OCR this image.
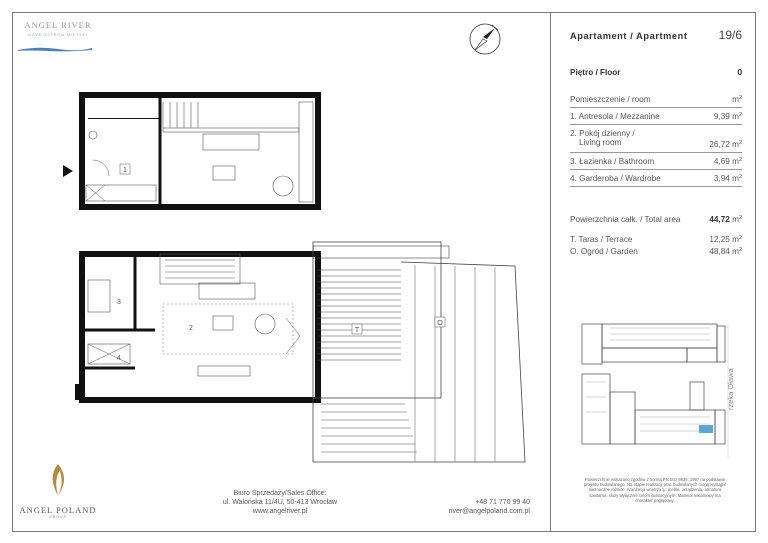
ANGEL RIVER
NOVA OSTROW MIEJSKI
1
2
3
4
T
O
Apartament / Apartment	19/6
Piętro / Floor	0
Pomieszczenie / room	$m^2$
1. Antresola / Mezzanine	9,39 $m^2$
2. Pokój dzienny /
Living room	26,72 $m^2$
3. Łazienka / Bathroom	4,69 $m^2$
4. Garderoba / Wardrobe	3,94 $m^2$
Powierzchnia całk. / Total area	44,72 $m^2$
T. Taras / Terrace	12,25 $m^2$
O. Ogród / Garden	48,84 $m^2$
rzeka Oława
Powierzchnie wskazano zgodnie z normą PN ISO 9836: 1997 na podstawie projektu budowlanego. Na etapie realizacji prac budowlanych mogą wystąpić nieznaczne różnice. Aranżacja wnętrza tj.: meble, urządzenia, armatura sanitarna, służy wyłącznie celom ilustracyjnym. Materiał reklamowy ma charakter poglądowy.
ANGEL POLAND
GROUP
Biuro Sprzedaży/Sales Office:
ul. Walońska 11/4U, 50-413 Wrocław
www.angelriver.pl
+48 71 770 99 40
river@angelpoland.com.pl
